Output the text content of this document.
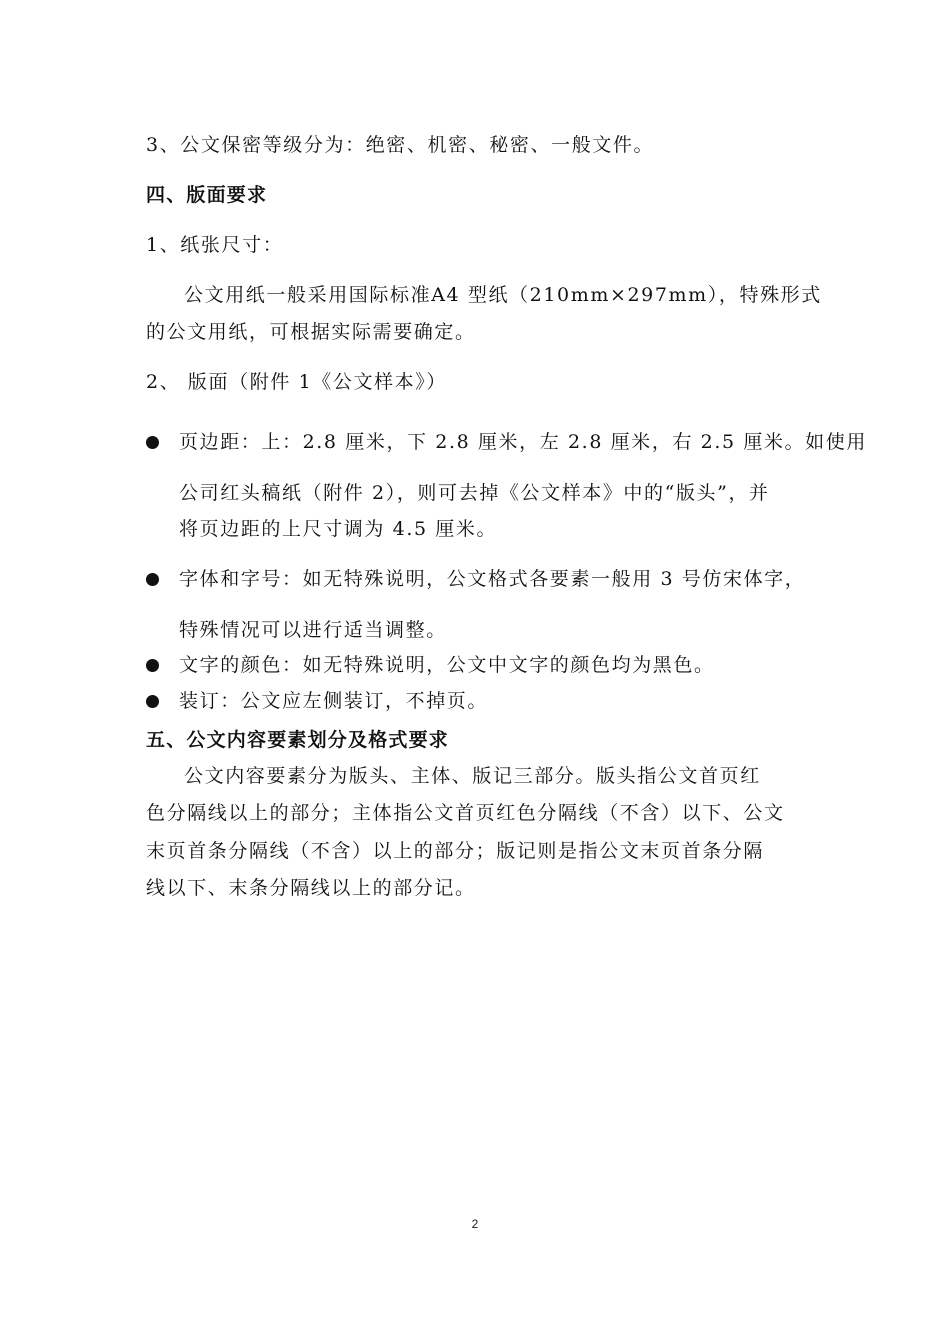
3、公文保密等级分为：绝密、机密、秘密、一般文件。
四、版面要求
1、纸张尺寸：
公文用纸一般采用国际标准A4 型纸（210mm×297mm），特殊形式
的公文用纸，可根据实际需要确定。
2、 版面（附件 1《公文样本》）
页边距：上：2.8 厘米，下 2.8 厘米，左 2.8 厘米，右 2.5 厘米。如使用
公司红头稿纸（附件 2），则可去掉《公文样本》中的“版头”，并
将页边距的上尺寸调为 4.5 厘米。
字体和字号：如无特殊说明，公文格式各要素一般用 3 号仿宋体字，
特殊情况可以进行适当调整。
文字的颜色：如无特殊说明，公文中文字的颜色均为黑色。
装订：公文应左侧装订，不掉页。
五、公文内容要素划分及格式要求
公文内容要素分为版头、主体、版记三部分。版头指公文首页红
色分隔线以上的部分；主体指公文首页红色分隔线（不含）以下、公文
末页首条分隔线（不含）以上的部分；版记则是指公文末页首条分隔
线以下、末条分隔线以上的部分记。
2
